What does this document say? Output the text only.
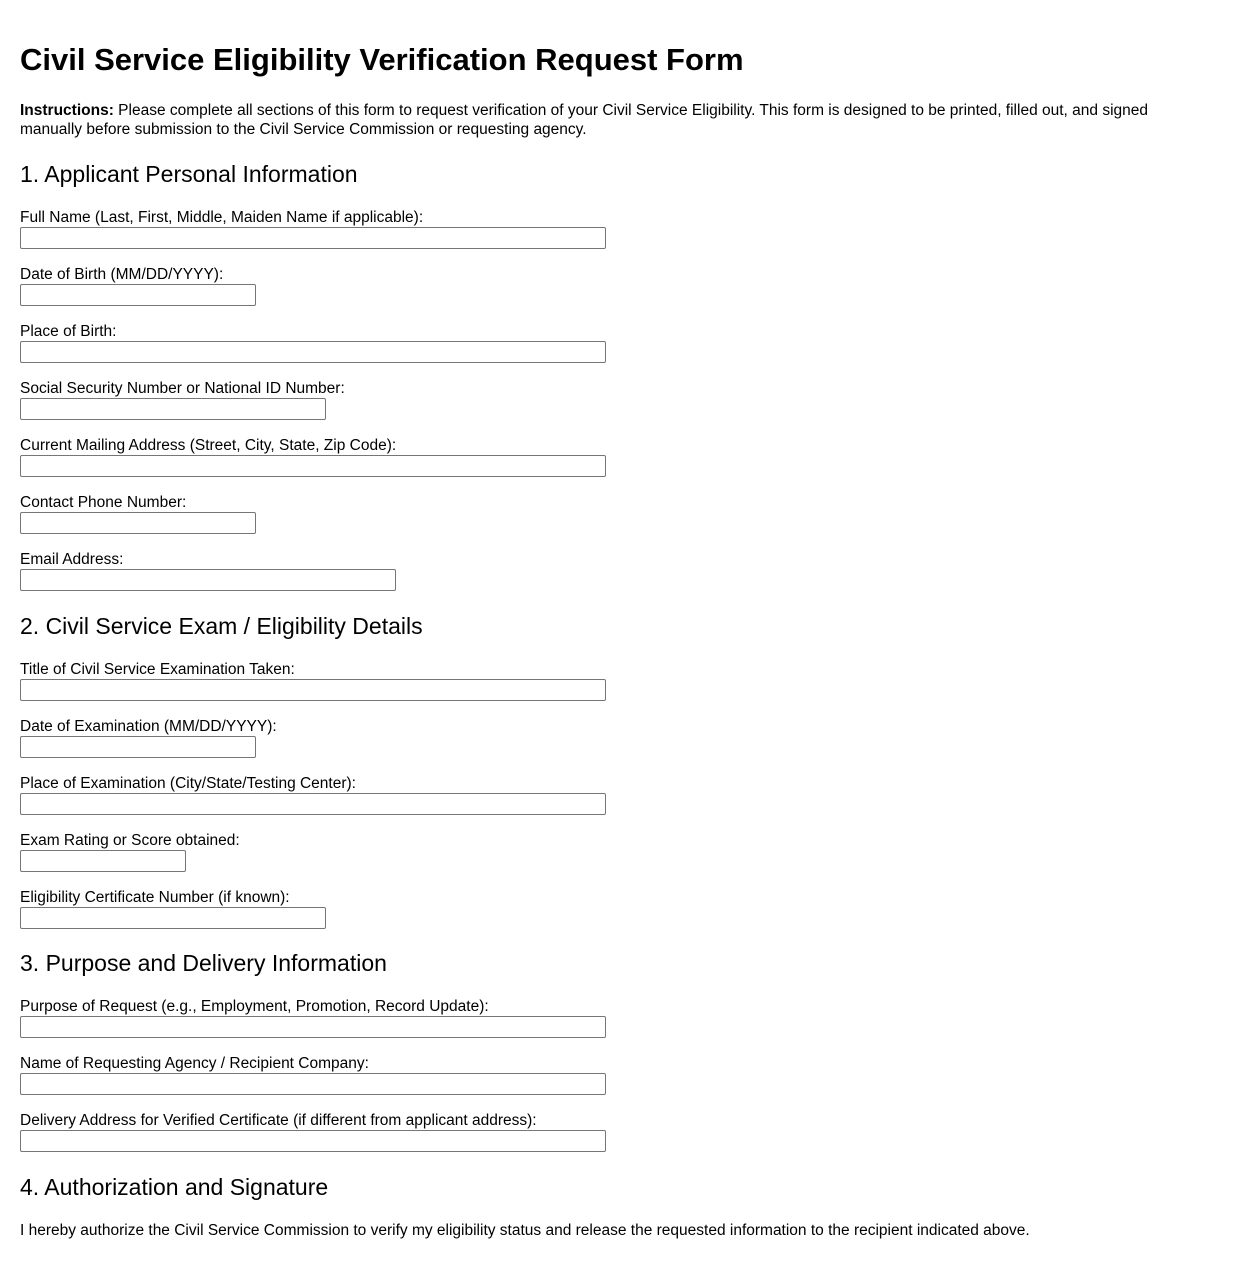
Civil Service Eligibility Verification Request Form

Instructions: Please complete all sections of this form to request verification of your Civil Service Eligibility. This form is designed to be printed, filled out, and signed manually before submission to the Civil Service Commission or requesting agency.

1. Applicant Personal Information
Full Name (Last, First, Middle, Maiden Name if applicable):
Date of Birth (MM/DD/YYYY):
Place of Birth:
Social Security Number or National ID Number:
Current Mailing Address (Street, City, State, Zip Code):
Contact Phone Number:
Email Address:
2. Civil Service Exam / Eligibility Details
Title of Civil Service Examination Taken:
Date of Examination (MM/DD/YYYY):
Place of Examination (City/State/Testing Center):
Exam Rating or Score obtained:
Eligibility Certificate Number (if known):
3. Purpose and Delivery Information
Purpose of Request (e.g., Employment, Promotion, Record Update):
Name of Requesting Agency / Recipient Company:
Delivery Address for Verified Certificate (if different from applicant address):
4. Authorization and Signature

I hereby authorize the Civil Service Commission to verify my eligibility status and release the requested information to the recipient indicated above.
